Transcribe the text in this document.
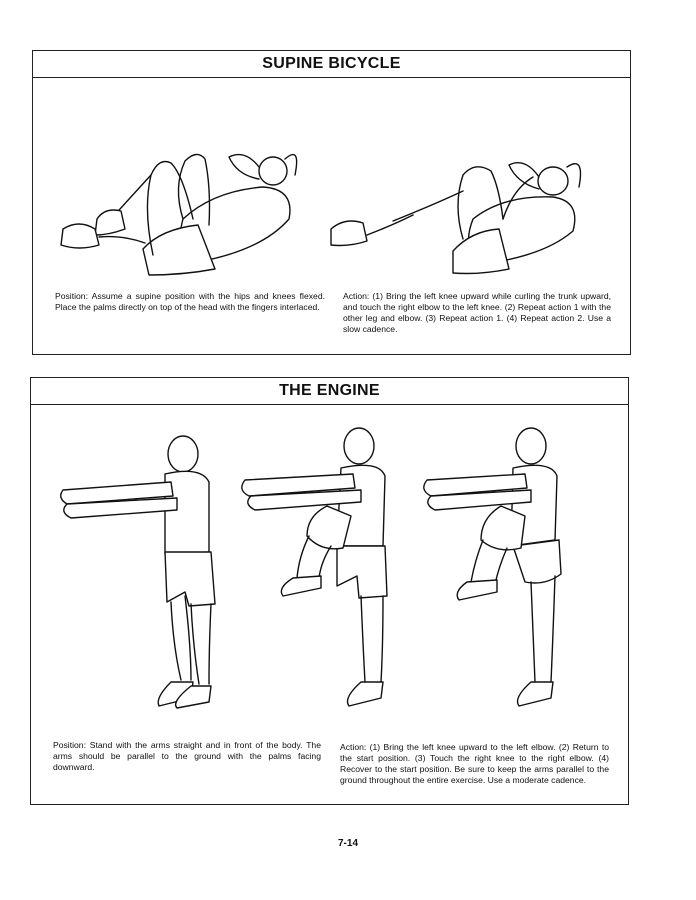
SUPINE BICYCLE
Position: Assume a supine position with the hips and knees flexed. Place the palms directly on top of the head with the fingers interlaced.
Action: (1) Bring the left knee upward while curling the trunk upward, and touch the right elbow to the left knee. (2) Repeat action 1 with the other leg and elbow. (3) Repeat action 1. (4) Repeat action 2. Use a slow cadence.
THE ENGINE
Position: Stand with the arms straight and in front of the body. The arms should be parallel to the ground with the palms facing downward.
Action: (1) Bring the left knee upward to the left elbow. (2) Return to the start position. (3) Touch the right knee to the right elbow. (4) Recover to the start position. Be sure to keep the arms parallel to the ground throughout the entire exercise. Use a moderate cadence.
7-14
